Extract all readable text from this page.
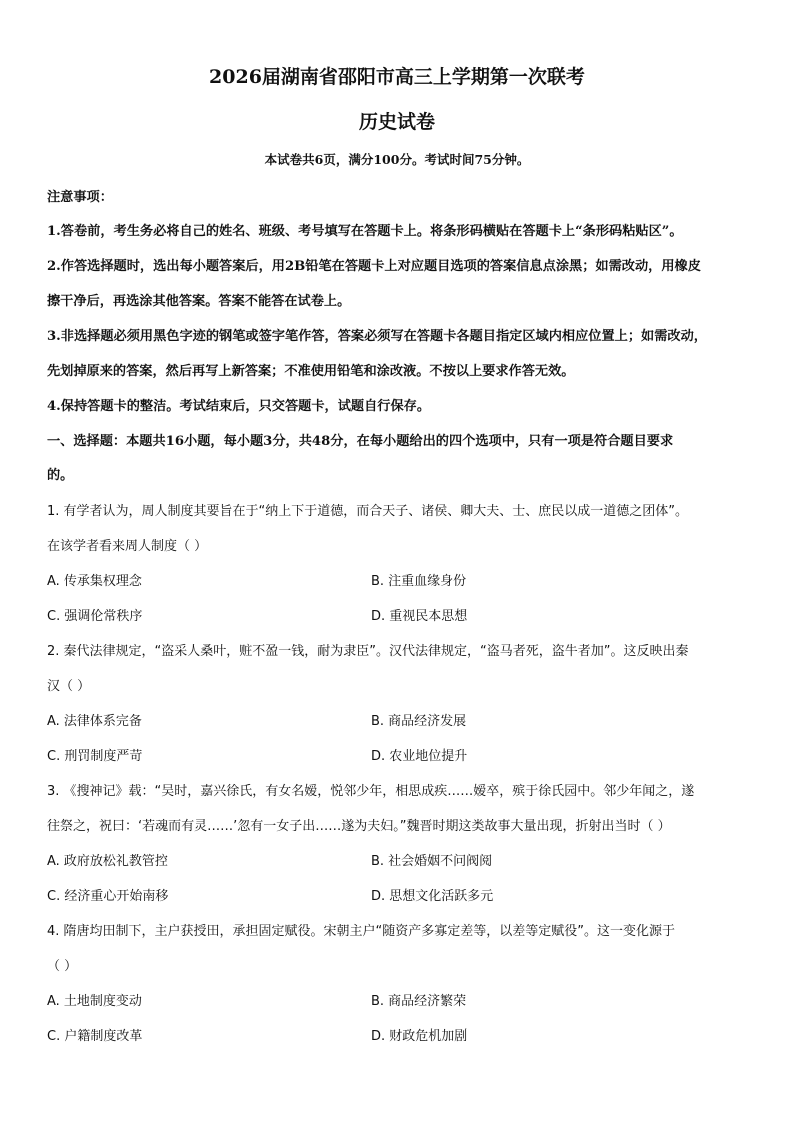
2026届湖南省邵阳市高三上学期第一次联考
历史试卷
本试卷共6页，满分100分。考试时间75分钟。
注意事项：
1.答卷前，考生务必将自己的姓名、班级、考号填写在答题卡上。将条形码横贴在答题卡上“条形码粘贴区”。
2.作答选择题时，选出每小题答案后，用2B铅笔在答题卡上对应题目选项的答案信息点涂黑；如需改动，用橡皮
擦干净后，再选涂其他答案。答案不能答在试卷上。
3.非选择题必须用黑色字迹的钢笔或签字笔作答，答案必须写在答题卡各题目指定区域内相应位置上；如需改动，
先划掉原来的答案，然后再写上新答案；不准使用铅笔和涂改液。不按以上要求作答无效。
4.保持答题卡的整洁。考试结束后，只交答题卡，试题自行保存。
一、选择题：本题共16小题，每小题3分，共48分，在每小题给出的四个选项中，只有一项是符合题目要求
的。
1. 有学者认为，周人制度其要旨在于“纳上下于道德，而合天子、诸侯、卿大夫、士、庶民以成一道德之团体”。
在该学者看来周人制度（ ）
A. 传承集权理念	B. 注重血缘身份
C. 强调伦常秩序	D. 重视民本思想
2. 秦代法律规定，“盗采人桑叶，赃不盈一钱，耐为隶臣”。汉代法律规定，“盗马者死，盗牛者加”。这反映出秦
汉（ ）
A. 法律体系完备	B. 商品经济发展
C. 刑罚制度严苛	D. 农业地位提升
3. 《搜神记》载：“吴时，嘉兴徐氏，有女名嫒，悦邻少年，相思成疾……嫒卒，殡于徐氏园中。邻少年闻之，遂
往祭之，祝曰：‘若魂而有灵……’忽有一女子出……遂为夫妇。”魏晋时期这类故事大量出现，折射出当时（ ）
A. 政府放松礼教管控	B. 社会婚姻不问阀阅
C. 经济重心开始南移	D. 思想文化活跃多元
4. 隋唐均田制下，主户获授田，承担固定赋役。宋朝主户“随资产多寡定差等，以差等定赋役”。这一变化源于
（ ）
A. 土地制度变动	B. 商品经济繁荣
C. 户籍制度改革	D. 财政危机加剧
